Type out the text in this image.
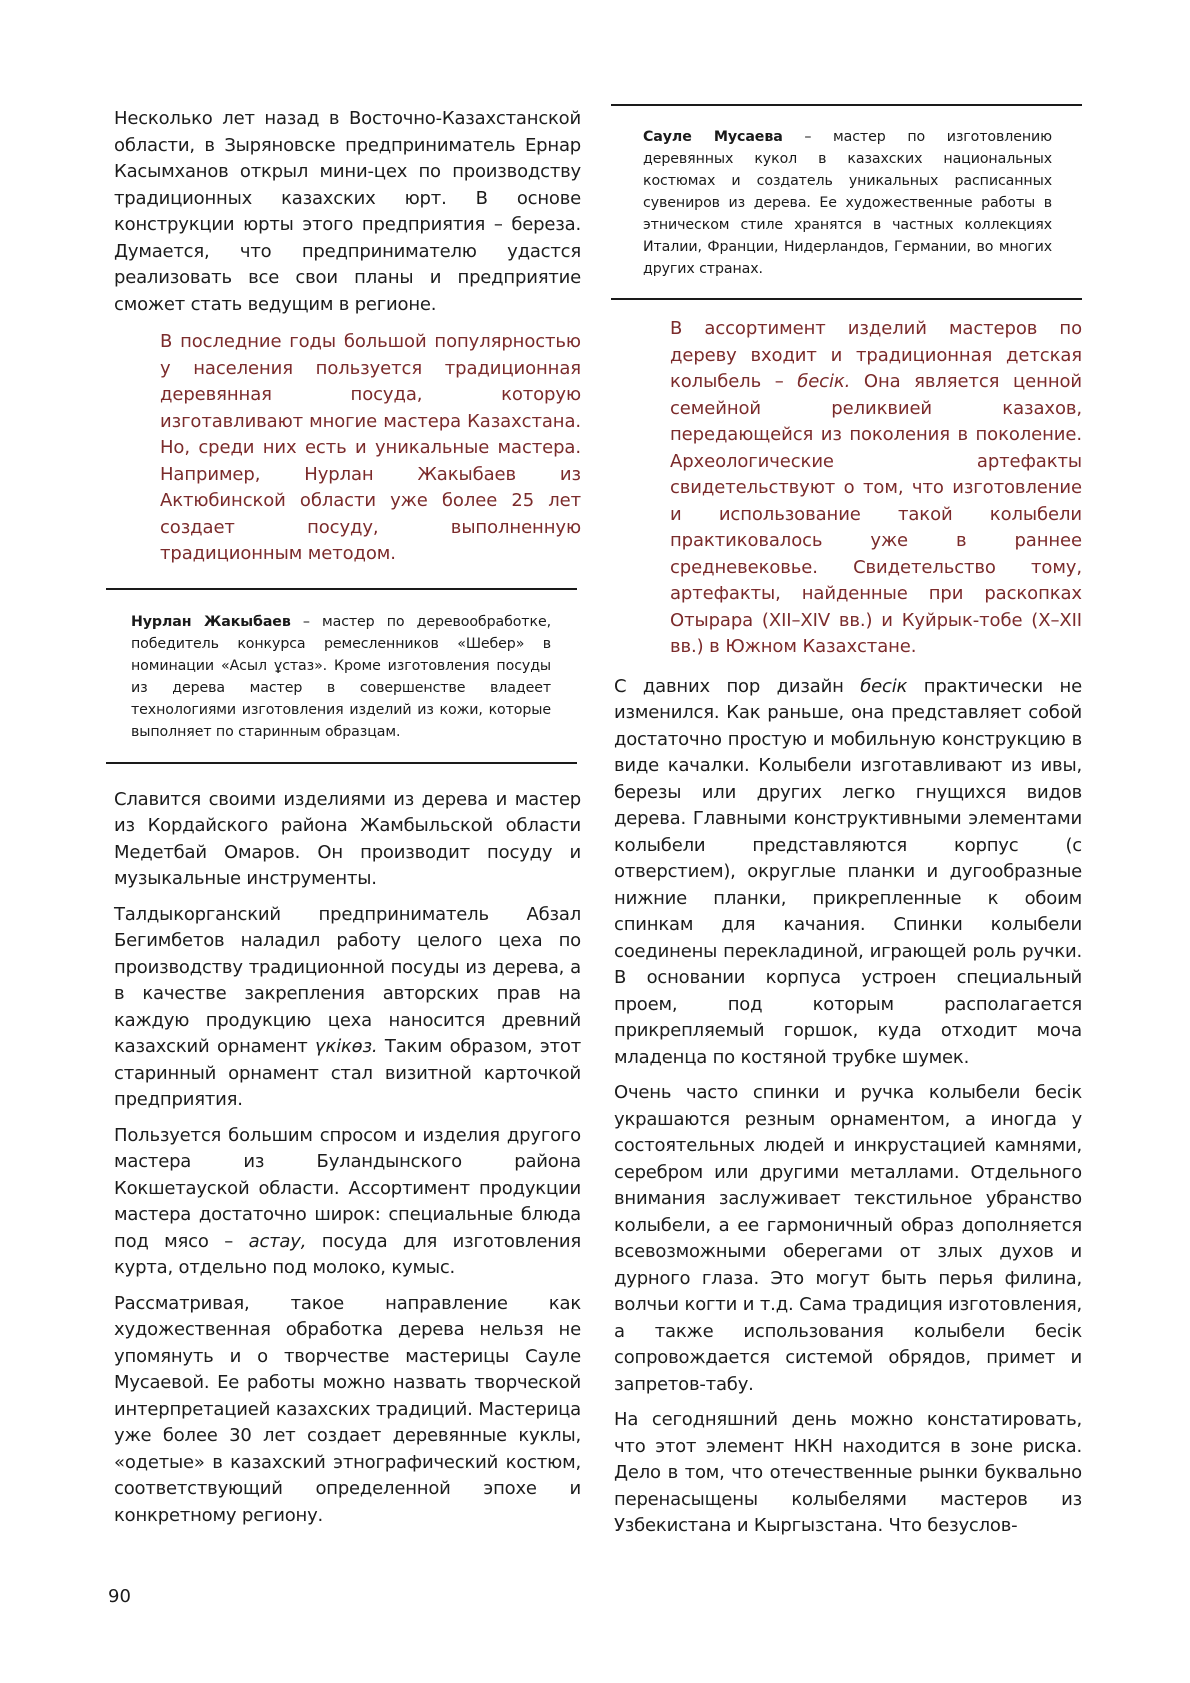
Несколько лет назад в Восточно-Казахстанской области, в Зыряновске предприниматель Ернар Касымханов открыл мини-цех по производству традиционных казахских юрт. В основе конструкции юрты этого предприятия – береза. Думается, что предпринимателю удастся реализовать все свои планы и предприятие сможет стать ведущим в регионе.

В последние годы большой популярностью у населения пользуется традиционная деревянная посуда, которую изготавливают многие мастера Казахстана. Но, среди них есть и уникальные мастера. Например, Нурлан Жакыбаев из Актюбинской области уже более 25 лет создает посуду, выполненную традиционным методом.

Нурлан Жакыбаев – мастер по деревообработке, победитель конкурса ремесленников «Шебер» в номинации «Асыл ұстаз». Кроме изготовления посуды из дерева мастер в совершенстве владеет технологиями изготовления изделий из кожи, которые выполняет по старинным образцам.

Славится своими изделиями из дерева и мастер из Кордайского района Жамбыльской области Медетбай Омаров. Он производит посуду и музыкальные инструменты.

Талдыкорганский предприниматель Абзал Бегимбетов наладил работу целого цеха по производству традиционной посуды из дерева, а в качестве закрепления авторских прав на каждую продукцию цеха наносится древний казахский орнамент үкікөз. Таким образом, этот старинный орнамент стал визитной карточкой предприятия.

Пользуется большим спросом и изделия другого мастера из Буландынского района Кокшетауской области. Ассортимент продукции мастера достаточно широк: специальные блюда под мясо – астау, посуда для изготовления курта, отдельно под молоко, кумыс.

Рассматривая, такое направление как художественная обработка дерева нельзя не упомянуть и о творчестве мастерицы Сауле Мусаевой. Ее работы можно назвать творческой интерпретацией казахских традиций. Мастерица уже более 30 лет создает деревянные куклы, «одетые» в казахский этнографический костюм, соответствующий определенной эпохе и конкретному региону.

Сауле Мусаева – мастер по изготовлению деревянных кукол в казахских национальных костюмах и создатель уникальных расписанных сувениров из дерева. Ее художественные работы в этническом стиле хранятся в частных коллекциях Италии, Франции, Нидерландов, Германии, во многих других странах.

В ассортимент изделий мастеров по дереву входит и традиционная детская колыбель – бесік. Она является ценной семейной реликвией казахов, передающейся из поколения в поколение. Археологические артефакты свидетельствуют о том, что изготовление и использование такой колыбели практиковалось уже в раннее средневековье. Свидетельство тому, артефакты, найденные при раскопках Отырара (XII–XIV вв.) и Куйрык-тобе (X–XII вв.) в Южном Казахстане.

С давних пор дизайн бесік практически не изменился. Как раньше, она представляет собой достаточно простую и мобильную конструкцию в виде качалки. Колыбели изготавливают из ивы, березы или других легко гнущихся видов дерева. Главными конструктивными элементами колыбели представляются корпус (с отверстием), округлые планки и дугообразные нижние планки, прикрепленные к обоим спинкам для качания. Спинки колыбели соединены перекладиной, играющей роль ручки. В основании корпуса устроен специальный проем, под которым располагается прикрепляемый горшок, куда отходит моча младенца по костяной трубке шумек.

Очень часто спинки и ручка колыбели бесік украшаются резным орнаментом, а иногда у состоятельных людей и инкрустацией камнями, серебром или другими металлами. Отдельного внимания заслуживает текстильное убранство колыбели, а ее гармоничный образ дополняется всевозможными оберегами от злых духов и дурного глаза. Это могут быть перья филина, волчьи когти и т.д. Сама традиция изготовления, а также использования колыбели бесік сопровождается системой обрядов, примет и запретов-табу.

На сегодняшний день можно констатировать, что этот элемент НКН находится в зоне риска. Дело в том, что отечественные рынки буквально перенасыщены колыбелями мастеров из Узбекистана и Кыргызстана. Что безуслов-

90
